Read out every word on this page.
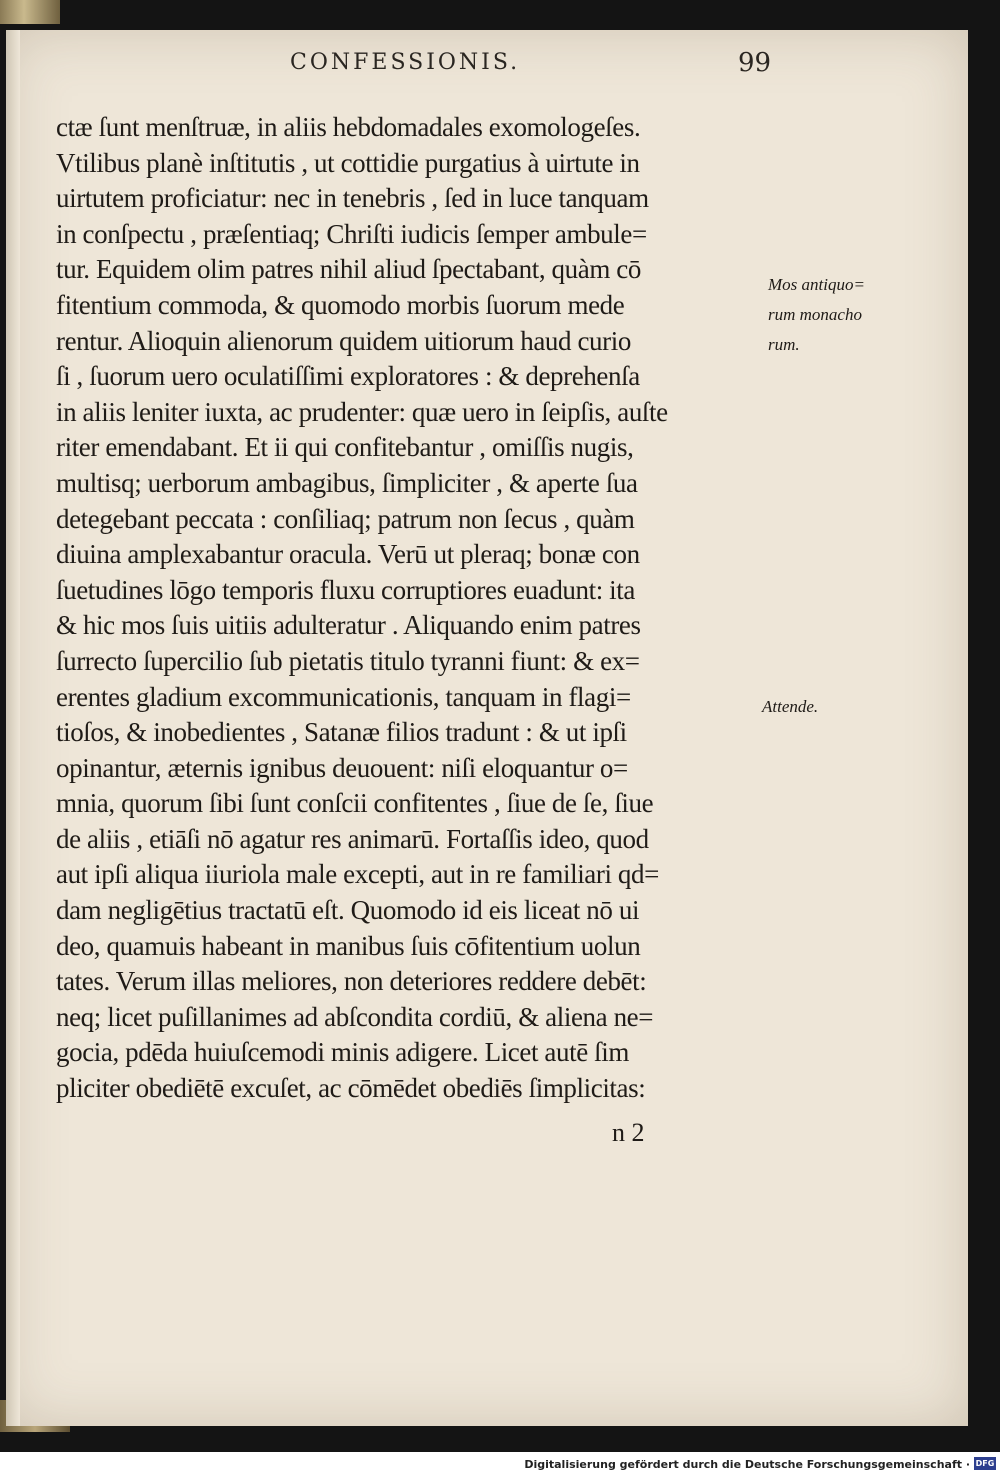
CONFESSIONIS.	99
ctæ ſunt menſtruæ, in aliis hebdomadales exomologeſes.
Vtilibus planè inſtitutis , ut cottidie purgatius à uirtute in
uirtutem proficiatur: nec in tenebris , ſed in luce tanquam
in conſpectu , præſentiaq; Chriſti iudicis ſemper ambule=
tur. Equidem olim patres nihil aliud ſpectabant, quàm cō
fitentium commoda, & quomodo morbis ſuorum mede
rentur. Alioquin alienorum quidem uitiorum haud curio
ſi , ſuorum uero oculatiſſimi exploratores : & deprehenſa
in aliis leniter iuxta, ac prudenter: quæ uero in ſeipſis, auſte
riter emendabant. Et ii qui confitebantur , omiſſis nugis,
multisq; uerborum ambagibus, ſimpliciter , & aperte ſua
detegebant peccata : conſiliaq; patrum non ſecus , quàm
diuina amplexabantur oracula. Verū ut pleraq; bonæ con
ſuetudines lōgo temporis fluxu corruptiores euadunt: ita
& hic mos ſuis uitiis adulteratur . Aliquando enim patres
ſurrecto ſupercilio ſub pietatis titulo tyranni fiunt: & ex=
erentes gladium excommunicationis, tanquam in flagi=
tioſos, & inobedientes , Satanæ filios tradunt : & ut ipſi
opinantur, æternis ignibus deuouent: niſi eloquantur o=
mnia, quorum ſibi ſunt conſcii confitentes , ſiue de ſe, ſiue
de aliis , etiāſi nō agatur res animarū. Fortaſſis ideo, quod
aut ipſi aliqua iiuriola male excepti, aut in re familiari qd=
dam negligētius tractatū eſt. Quomodo id eis liceat nō ui
deo, quamuis habeant in manibus ſuis cōfitentium uolun
tates. Verum illas meliores, non deteriores reddere debēt:
neq; licet puſillanimes ad abſcondita cordiū, & aliena ne=
gocia, pdēda huiuſcemodi minis adigere. Licet autē ſim
pliciter obediētē excuſet, ac cōmēdet obediēs ſimplicitas:
Mos antiquo=
rum monacho
rum.
Attende.
n 2
Digitalisierung gefördert durch die Deutsche Forschungsgemeinschaft · DFG
